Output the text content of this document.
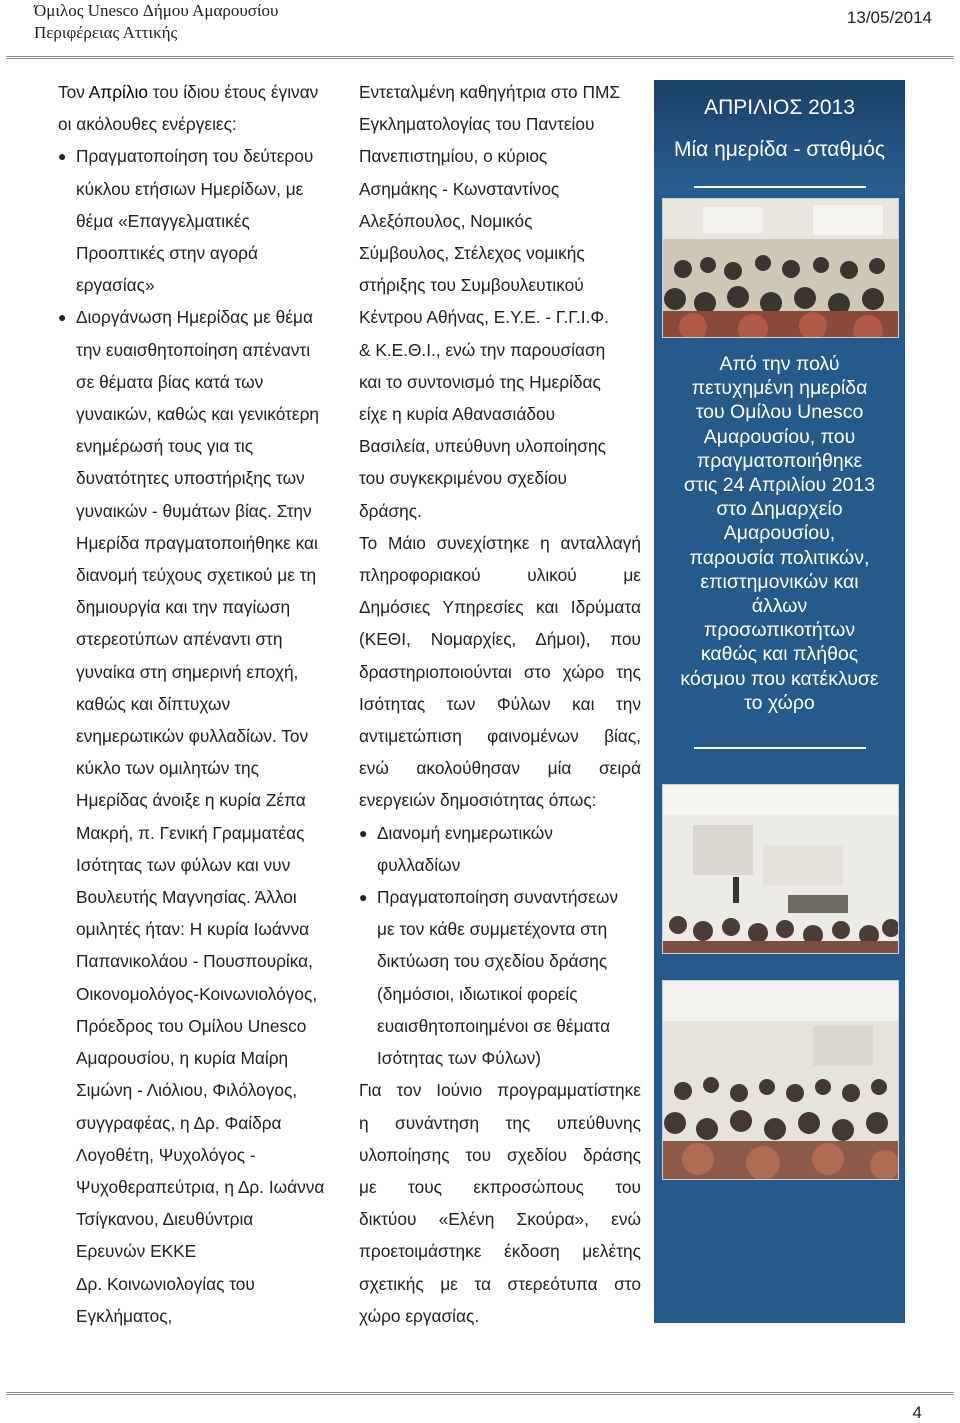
Όμιλος Unesco Δήμου Αμαρουσίου
Περιφέρειας Αττικής
13/05/2014

Τον Απρίλιο του ίδιου έτους έγιναν

οι ακόλουθες ενέργειες:

● Πραγματοποίηση του δεύτερου
κύκλου ετήσιων Ημερίδων, με
θέμα «Επαγγελματικές
Προοπτικές στην αγορά
εργασίας»
● Διοργάνωση Ημερίδας με θέμα
την ευαισθητοποίηση απέναντι
σε θέματα βίας κατά των
γυναικών, καθώς και γενικότερη
ενημέρωσή τους για τις
δυνατότητες υποστήριξης των
γυναικών - θυμάτων βίας. Στην
Ημερίδα πραγματοποιήθηκε και
διανομή τεύχους σχετικού με τη
δημιουργία και την παγίωση
στερεοτύπων απέναντι στη
γυναίκα στη σημερινή εποχή,
καθώς και δίπτυχων
ενημερωτικών φυλλαδίων. Τον
κύκλο των ομιλητών της
Ημερίδας άνοιξε η κυρία Ζέπα
Μακρή, π. Γενική Γραμματέας
Ισότητας των φύλων και νυν
Βουλευτής Μαγνησίας. Άλλοι
ομιλητές ήταν: Η κυρία Ιωάννα
Παπανικολάου - Πουσπουρίκα,
Οικονομολόγος-Κοινωνιολόγος,
Πρόεδρος του Ομίλου Unesco
Αμαρουσίου, η κυρία Μαίρη
Σιμώνη - Λιόλιου, Φιλόλογος,
συγγραφέας, η Δρ. Φαίδρα
Λογοθέτη, Ψυχολόγος -
Ψυχοθεραπεύτρια, η Δρ. Ιωάννα
Τσίγκανου, Διευθύντρια
Ερευνών ΕΚΚΕ
Δρ. Κοινωνιολογίας του
Εγκλήματος,
Εντεταλμένη καθηγήτρια στο ΠΜΣ
Εγκληματολογίας του Παντείου
Πανεπιστημίου, ο κύριος
Ασημάκης - Κωνσταντίνος
Αλεξόπουλος, Νομικός
Σύμβουλος, Στέλεχος νομικής
στήριξης του Συμβουλευτικού
Κέντρου Αθήνας, Ε.Υ.Ε. - Γ.Γ.Ι.Φ.
& Κ.Ε.Θ.Ι., ενώ την παρουσίαση
και το συντονισμό της Ημερίδας
είχε η κυρία Αθανασιάδου
Βασιλεία, υπεύθυνη υλοποίησης
του συγκεκριμένου σχεδίου
δράσης.

Το Μάιο συνεχίστηκε η ανταλλαγή

πληροφοριακού υλικού με
Δημόσιες Υπηρεσίες και Ιδρύματα
(ΚΕΘΙ, Νομαρχίες, Δήμοι), που
δραστηριοποιούνται στο χώρο της
Ισότητας των Φύλων και την
αντιμετώπιση φαινομένων βίας,
ενώ ακολούθησαν μία σειρά

ενεργειών δημοσιότητας όπως:

● Διανομή ενημερωτικών
φυλλαδίων
● Πραγματοποίηση συναντήσεων
με τον κάθε συμμετέχοντα στη
δικτύωση του σχεδίου δράσης
(δημόσιοι, ιδιωτικοί φορείς
ευαισθητοποιημένοι σε θέματα
Ισότητας των Φύλων)

Για τον Ιούνιο προγραμματίστηκε

η συνάντηση της υπεύθυνης
υλοποίησης του σχεδίου δράσης
με τους εκπροσώπους του
δικτύου «Ελένη Σκούρα», ενώ
προετοιμάστηκε έκδοση μελέτης
σχετικής με τα στερεότυπα στο

χώρο εργασίας.

ΑΠΡΙΛΙΟΣ 2013
Μία ημερίδα - σταθμός
Από την πολύ
πετυχημένη ημερίδα
του Ομίλου Unesco
Αμαρουσίου, που
πραγματοποιήθηκε
στις 24 Απριλίου 2013
στο Δημαρχείο
Αμαρουσίου,
παρουσία πολιτικών,
επιστημονικών και
άλλων
προσωπικοτήτων
καθώς και πλήθος
κόσμου που κατέκλυσε
το χώρο
4
